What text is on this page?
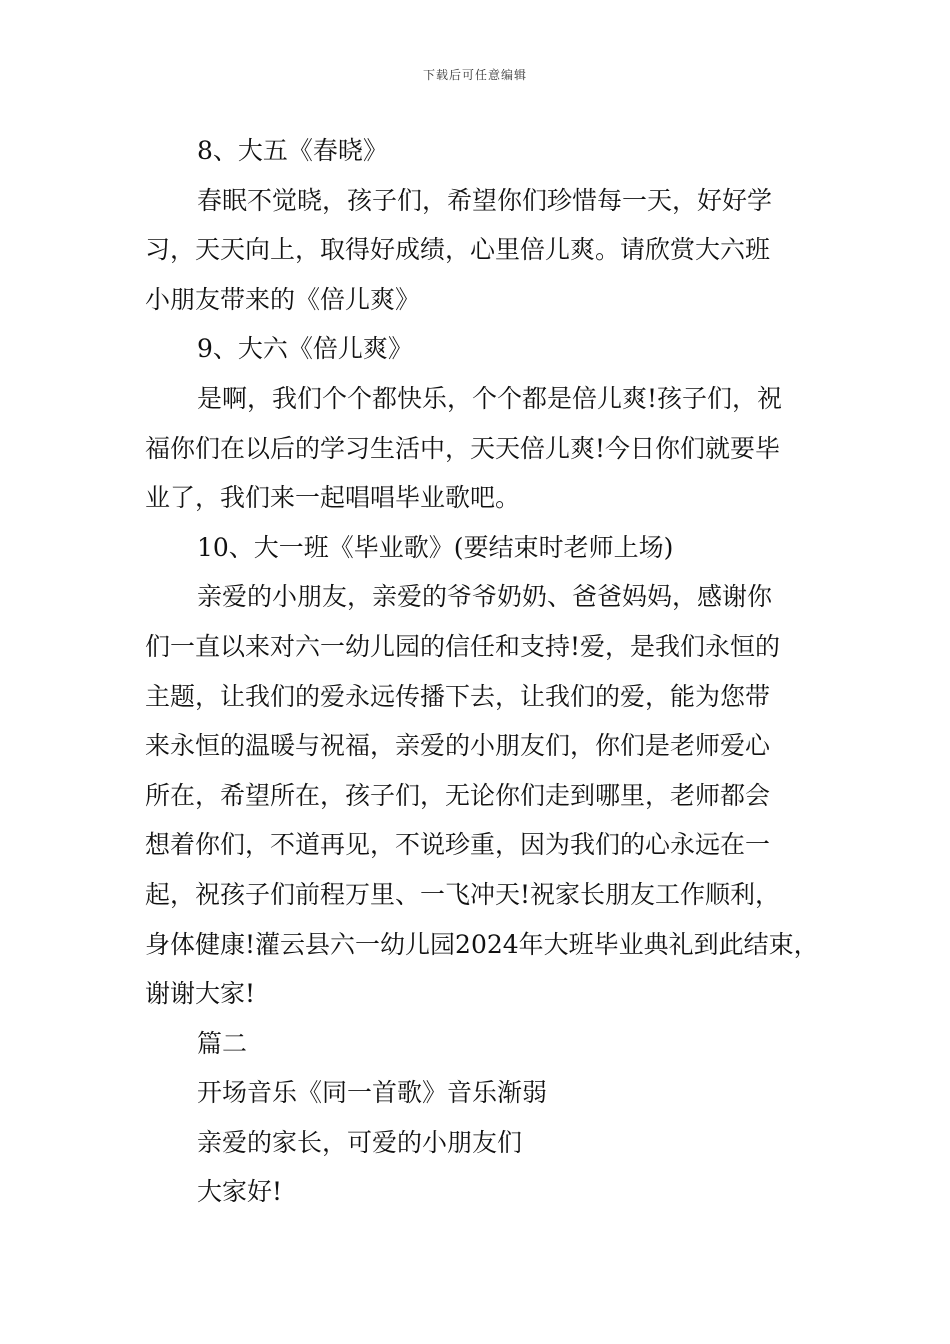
下载后可任意编辑
8、大五《春晓》
春眠不觉晓，孩子们，希望你们珍惜每一天，好好学
习，天天向上，取得好成绩，心里倍儿爽。请欣赏大六班
小朋友带来的《倍儿爽》
9、大六《倍儿爽》
是啊，我们个个都快乐，个个都是倍儿爽!孩子们，祝
福你们在以后的学习生活中，天天倍儿爽!今日你们就要毕
业了，我们来一起唱唱毕业歌吧。
10、大一班《毕业歌》(要结束时老师上场)
亲爱的小朋友，亲爱的爷爷奶奶、爸爸妈妈，感谢你
们一直以来对六一幼儿园的信任和支持!爱，是我们永恒的
主题，让我们的爱永远传播下去，让我们的爱，能为您带
来永恒的温暖与祝福，亲爱的小朋友们，你们是老师爱心
所在，希望所在，孩子们，无论你们走到哪里，老师都会
想着你们，不道再见，不说珍重，因为我们的心永远在一
起，祝孩子们前程万里、一飞冲天!祝家长朋友工作顺利，
身体健康!灌云县六一幼儿园2024年大班毕业典礼到此结束，
谢谢大家!
篇二
开场音乐《同一首歌》音乐渐弱
亲爱的家长，可爱的小朋友们
大家好!
